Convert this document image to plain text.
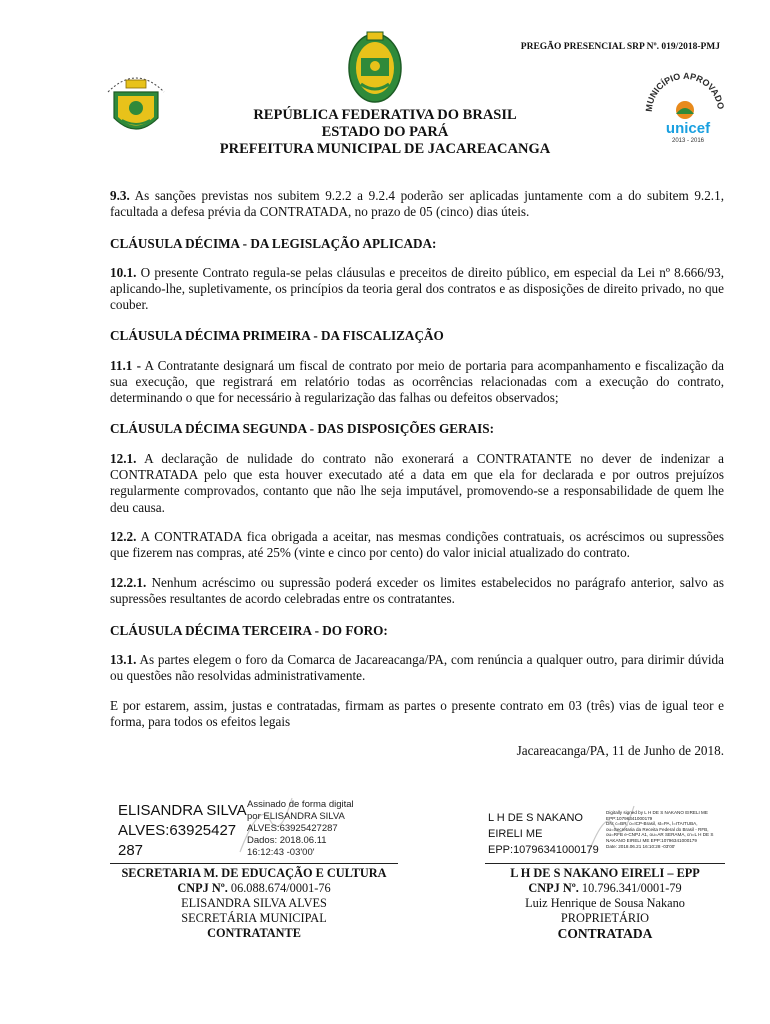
PREGÃO PRESENCIAL SRP Nº. 019/2018-PMJ
MUNICÍPIO APROVADO
unicef
2013 - 2016
REPÚBLICA FEDERATIVA DO BRASIL
ESTADO DO PARÁ
PREFEITURA MUNICIPAL DE JACAREACANGA
9.3. As sanções previstas nos subitem 9.2.2 a 9.2.4 poderão ser aplicadas juntamente com a do subitem 9.2.1, facultada a defesa prévia da CONTRATADA, no prazo de 05 (cinco) dias úteis.
CLÁUSULA DÉCIMA - DA LEGISLAÇÃO APLICADA:
10.1. O presente Contrato regula-se pelas cláusulas e preceitos de direito público, em especial da Lei nº 8.666/93, aplicando-lhe, supletivamente, os princípios da teoria geral dos contratos e as disposições de direito privado, no que couber.
CLÁUSULA DÉCIMA PRIMEIRA - DA FISCALIZAÇÃO
11.1 - A Contratante designará um fiscal de contrato por meio de portaria para acompanhamento e fiscalização da sua execução, que registrará em relatório todas as ocorrências relacionadas com a execução do contrato, determinando o que for necessário à regularização das falhas ou defeitos observados;
CLÁUSULA DÉCIMA SEGUNDA - DAS DISPOSIÇÕES GERAIS:
12.1. A declaração de nulidade do contrato não exonerará a CONTRATANTE no dever de indenizar a CONTRATADA pelo que esta houver executado até a data em que ela for declarada e por outros prejuízos regularmente comprovados, contanto que não lhe seja imputável, promovendo-se a responsabilidade de quem lhe deu causa.
12.2. A CONTRATADA fica obrigada a aceitar, nas mesmas condições contratuais, os acréscimos ou supressões que fizerem nas compras, até 25% (vinte e cinco por cento) do valor inicial atualizado do contrato.
12.2.1. Nenhum acréscimo ou supressão poderá exceder os limites estabelecidos no parágrafo anterior, salvo as supressões resultantes de acordo celebradas entre os contratantes.
CLÁUSULA DÉCIMA TERCEIRA - DO FORO:
13.1. As partes elegem o foro da Comarca de Jacareacanga/PA, com renúncia a qualquer outro, para dirimir dúvida ou questões não resolvidas administrativamente.
E por estarem, assim, justas e contratadas, firmam as partes o presente contrato em 03 (três) vias de igual teor e forma, para todos os efeitos legais
Jacareacanga/PA, 11 de Junho de 2018.
ELISANDRA SILVA
ALVES:63925427
287
Assinado de forma digital
por ELISANDRA SILVA
ALVES:63925427287
Dados: 2018.06.11
16:12:43 -03'00'
SECRETARIA M. DE EDUCAÇÃO E CULTURA
CNPJ Nº. 06.088.674/0001-76
ELISANDRA SILVA ALVES
SECRETÁRIA MUNICIPAL
CONTRATANTE
L H DE S NAKANO
EIRELI ME
EPP:10796341000179
Digitally signed by L H DE S NAKANO EIRELI ME
EPP:10796341000179
DN: c=BR, o=ICP-Brasil, st=PA, l=ITAITUBA,
ou=Secretaria da Receita Federal do Brasil - RFB,
ou=RFB e-CNPJ A1, ou=AR SERAMA, cn=L H DE S
NAKANO EIRELI ME EPP:10796341000179
Date: 2018.06.21 16:10:28 -03'00'
L H DE S NAKANO EIRELI – EPP
CNPJ Nº. 10.796.341/0001-79
Luiz Henrique de Sousa Nakano
PROPRIETÁRIO
CONTRATADA
